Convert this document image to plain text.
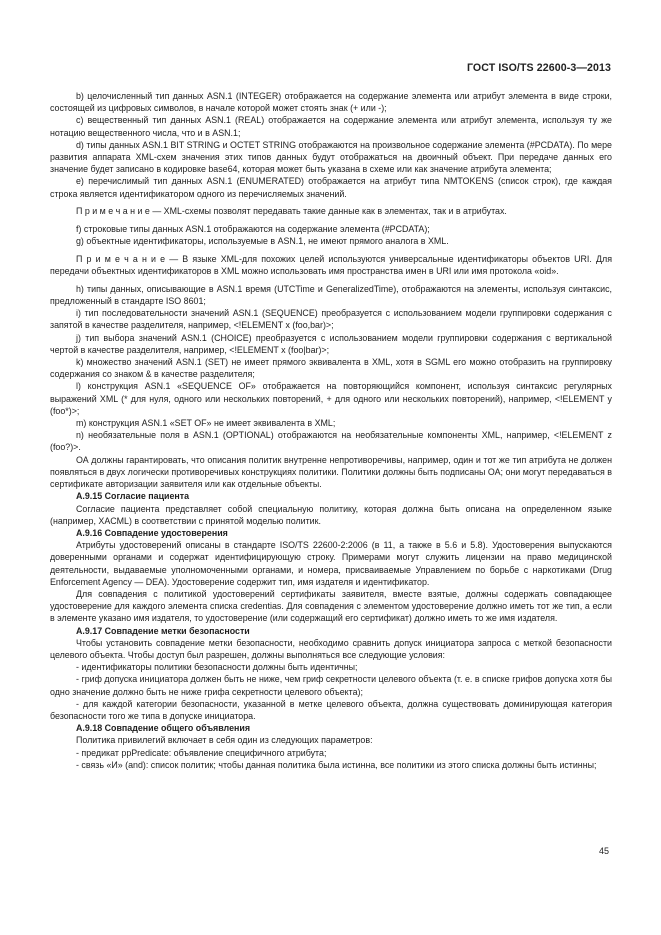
ГОСТ ISO/TS 22600-3—2013

b) целочисленный тип данных ASN.1 (INTEGER) отображается на содержание элемента или атрибут элемента в виде строки, состоящей из цифровых символов, в начале которой может стоять знак (+ или -);

c) вещественный тип данных ASN.1 (REAL) отображается на содержание элемента или атрибут элемента, используя ту же нотацию вещественного числа, что и в ASN.1;

d) типы данных ASN.1 BIT STRING и OCTET STRING отображаются на произвольное содержание элемента (#PCDATA). По мере развития аппарата XML-схем значения этих типов данных будут отображаться на двоичный объект. При передаче данных его значение будет записано в кодировке base64, которая может быть указана в схеме или как значение атрибута элемента;

e) перечислимый тип данных ASN.1 (ENUMERATED) отображается на атрибут типа NMTOKENS (список строк), где каждая строка является идентификатором одного из перечисляемых значений.

П р и м е ч а н и е — XML-схемы позволят передавать такие данные как в элементах, так и в атрибутах.

f) строковые типы данных ASN.1 отображаются на содержание элемента (#PCDATA);

g) объектные идентификаторы, используемые в ASN.1, не имеют прямого аналога в XML.

П р и м е ч а н и е — В языке XML-для похожих целей используются универсальные идентификаторы объектов URI. Для передачи объектных идентификаторов в XML можно использовать имя пространства имен в URI или имя протокола «oid».

h) типы данных, описывающие в ASN.1 время (UTCTime и GeneralizedTime), отображаются на элементы, используя синтаксис, предложенный в стандарте ISO 8601;

i) тип последовательности значений ASN.1 (SEQUENCE) преобразуется с использованием модели группировки содержания с запятой в качестве разделителя, например, <!ELEMENT x (foo,bar)>;

j) тип выбора значений ASN.1 (CHOICE) преобразуется с использованием модели группировки содержания с вертикальной чертой в качестве разделителя, например, <!ELEMENT x (foo|bar)>;

k) множество значений ASN.1 (SET) не имеет прямого эквивалента в XML, хотя в SGML его можно отобразить на группировку содержания со знаком & в качестве разделителя;

l) конструкция ASN.1 «SEQUENCE OF» отображается на повторяющийся компонент, используя синтаксис регулярных выражений XML (* для нуля, одного или нескольких повторений, + для одного или нескольких повторений), например, <!ELEMENT y (foo*)>;

m) конструкция ASN.1 «SET OF» не имеет эквивалента в XML;

n) необязательные поля в ASN.1 (OPTIONAL) отображаются на необязательные компоненты XML, например, <!ELEMENT z (foo?)>.

ОА должны гарантировать, что описания политик внутренне непротиворечивы, например, один и тот же тип атрибута не должен появляться в двух логически противоречивых конструкциях политики. Политики должны быть подписаны ОА; они могут передаваться в сертификате авторизации заявителя или как отдельные объекты.

A.9.15 Согласие пациента

Согласие пациента представляет собой специальную политику, которая должна быть описана на определенном языке (например, XACML) в соответствии с принятой моделью политик.

A.9.16 Совпадение удостоверения

Атрибуты удостоверений описаны в стандарте ISO/TS 22600-2:2006 (в 11, а также в 5.6 и 5.8). Удостоверения выпускаются доверенными органами и содержат идентифицирующую строку. Примерами могут служить лицензии на право медицинской деятельности, выдаваемые уполномоченными органами, и номера, присваиваемые Управлением по борьбе с наркотиками (Drug Enforcement Agency — DEA). Удостоверение содержит тип, имя издателя и идентификатор.

Для совпадения с политикой удостоверений сертификаты заявителя, вместе взятые, должны содержать совпадающее удостоверение для каждого элемента списка credentias. Для совпадения с элементом удостоверение должно иметь тот же тип, а если в элементе указано имя издателя, то удостоверение (или содержащий его сертификат) должно иметь то же имя издателя.

A.9.17 Совпадение метки безопасности

Чтобы установить совпадение метки безопасности, необходимо сравнить допуск инициатора запроса с меткой безопасности целевого объекта. Чтобы доступ был разрешен, должны выполняться все следующие условия:

- идентификаторы политики безопасности должны быть идентичны;

- гриф допуска инициатора должен быть не ниже, чем гриф секретности целевого объекта (т. е. в списке грифов допуска хотя бы одно значение должно быть не ниже грифа секретности целевого объекта);

- для каждой категории безопасности, указанной в метке целевого объекта, должна существовать доминирующая категория безопасности того же типа в допуске инициатора.

A.9.18 Совпадение общего объявления

Политика привилегий включает в себя один из следующих параметров:

- предикат ppPredicate: объявление специфичного атрибута;

- связь «И» (and): список политик; чтобы данная политика была истинна, все политики из этого списка должны быть истинны;

45
